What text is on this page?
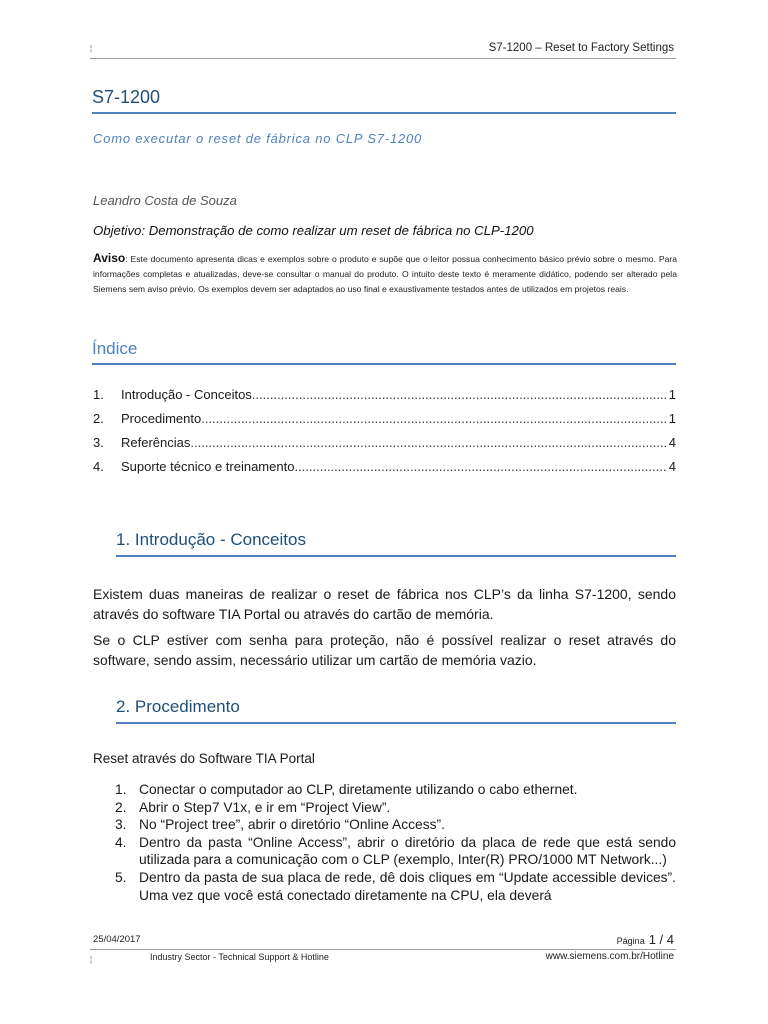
¦	S7-1200 – Reset to Factory Settings
S7-1200
Como executar o reset de fábrica no CLP S7-1200
Leandro Costa de Souza
Objetivo: Demonstração de como realizar um reset de fábrica no CLP-1200
Aviso: Este documento apresenta dicas e exemplos sobre o produto e supõe que o leitor possua conhecimento básico prévio sobre o mesmo. Para informações completas e atualizadas, deve-se consultar o manual do produto. O intuito deste texto é meramente didático, podendo ser alterado pela Siemens sem aviso prévio. Os exemplos devem ser adaptados ao uso final e exaustivamente testados antes de utilizados em projetos reais.
Índice
1.	Introdução - Conceitos .....	1
2.	Procedimento .....	1
3.	Referências .....	4
4.	Suporte técnico e treinamento .....	4
1. Introdução - Conceitos
Existem duas maneiras de realizar o reset de fábrica nos CLP’s da linha S7-1200, sendo através do software TIA Portal ou através do cartão de memória.
Se o CLP estiver com senha para proteção, não é possível realizar o reset através do software, sendo assim, necessário utilizar um cartão de memória vazio.
2. Procedimento
Reset através do Software TIA Portal
1. Conectar o computador ao CLP, diretamente utilizando o cabo ethernet.
2. Abrir o Step7 V1x, e ir em “Project View”.
3. No “Project tree”, abrir o diretório “Online Access”.
4. Dentro da pasta “Online Access”, abrir o diretório da placa de rede que está sendo utilizada para a comunicação com o CLP (exemplo, Inter(R) PRO/1000 MT Network...)
5. Dentro da pasta de sua placa de rede, dê dois cliques em “Update accessible devices”. Uma vez que você está conectado diretamente na CPU, ela deverá
25/04/2017	Página 1 / 4
¦	Industry Sector - Technical Support & Hotline	www.siemens.com.br/Hotline
